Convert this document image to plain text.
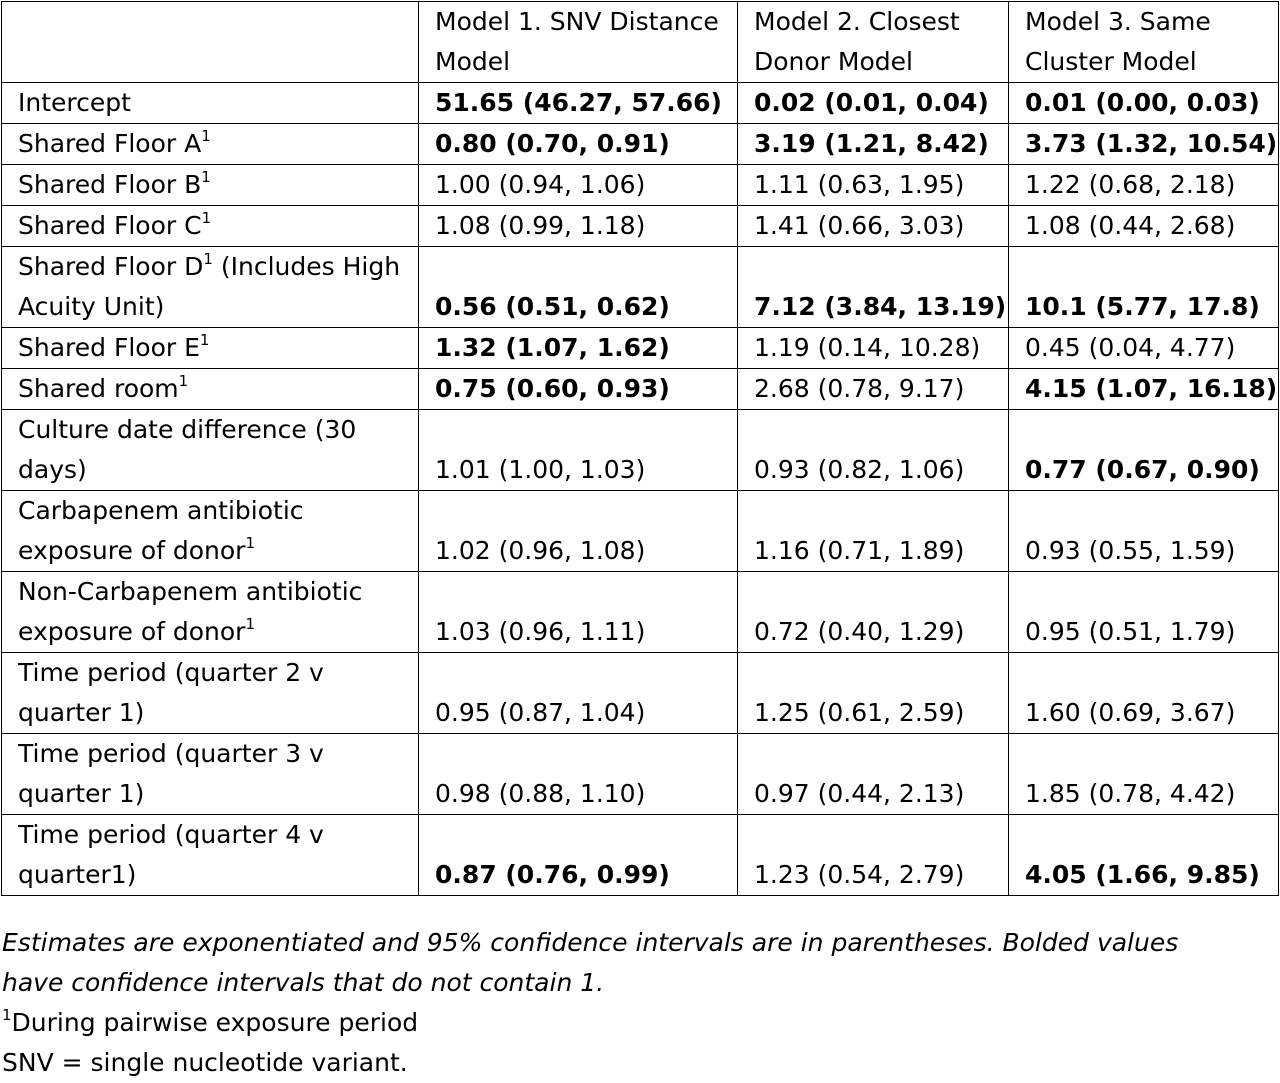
	Model 1. SNV Distance Model	Model 2. Closest Donor Model	Model 3. Same Cluster Model
Intercept	51.65 (46.27, 57.66)	0.02 (0.01, 0.04)	0.01 (0.00, 0.03)
Shared Floor $A^1$	0.80 (0.70, 0.91)	3.19 (1.21, 8.42)	3.73 (1.32, 10.54)
Shared Floor $B^1$	1.00 (0.94, 1.06)	1.11 (0.63, 1.95)	1.22 (0.68, 2.18)
Shared Floor $C^1$	1.08 (0.99, 1.18)	1.41 (0.66, 3.03)	1.08 (0.44, 2.68)
Shared Floor $D^1$ (Includes High Acuity Unit)	0.56 (0.51, 0.62)	7.12 (3.84, 13.19)	10.1 (5.77, 17.8)
Shared Floor $E^1$	1.32 (1.07, 1.62)	1.19 (0.14, 10.28)	0.45 (0.04, 4.77)
Shared room$^1$	0.75 (0.60, 0.93)	2.68 (0.78, 9.17)	4.15 (1.07, 16.18)
Culture date difference (30 days)	1.01 (1.00, 1.03)	0.93 (0.82, 1.06)	0.77 (0.67, 0.90)
Carbapenem antibiotic exposure of donor$^1$	1.02 (0.96, 1.08)	1.16 (0.71, 1.89)	0.93 (0.55, 1.59)
Non-Carbapenem antibiotic exposure of donor$^1$	1.03 (0.96, 1.11)	0.72 (0.40, 1.29)	0.95 (0.51, 1.79)
Time period (quarter 2 v quarter 1)	0.95 (0.87, 1.04)	1.25 (0.61, 2.59)	1.60 (0.69, 3.67)
Time period (quarter 3 v quarter 1)	0.98 (0.88, 1.10)	0.97 (0.44, 2.13)	1.85 (0.78, 4.42)
Time period (quarter 4 v quarter1)	0.87 (0.76, 0.99)	1.23 (0.54, 2.79)	4.05 (1.66, 9.85)
Estimates are exponentiated and 95% confidence intervals are in parentheses. Bolded values
have confidence intervals that do not contain 1.
$^1$During pairwise exposure period
SNV = single nucleotide variant.
